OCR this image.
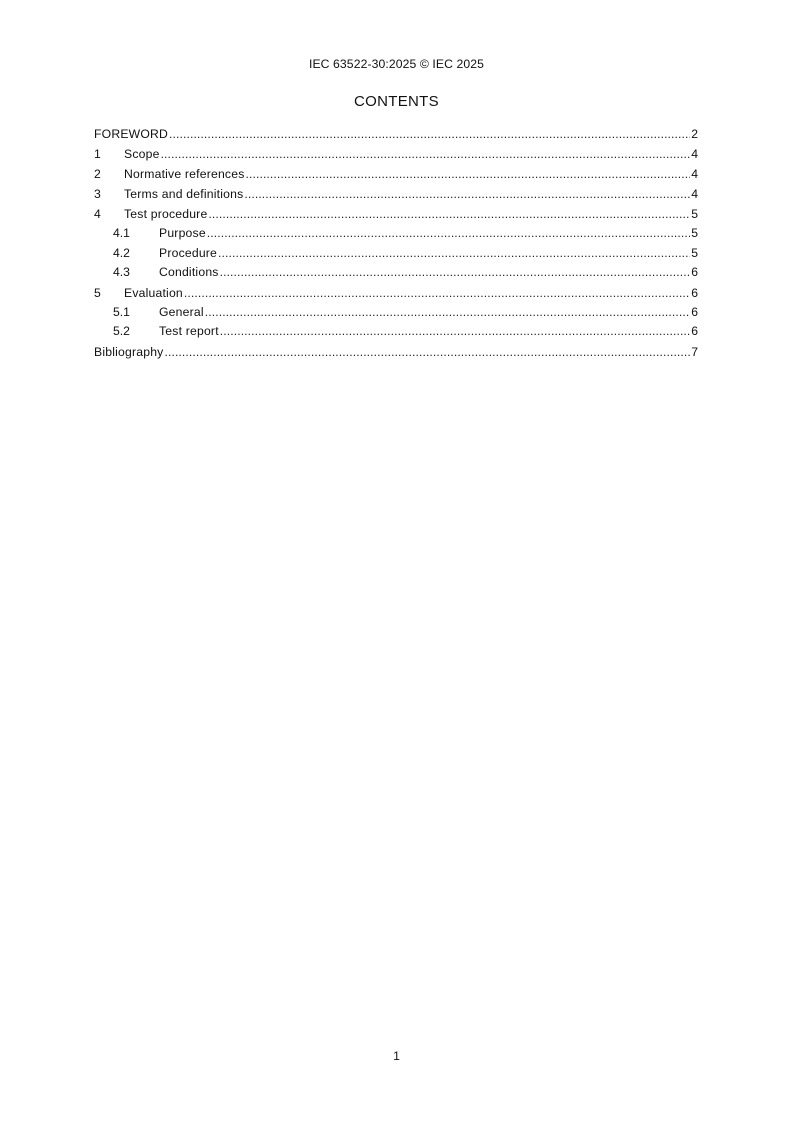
IEC 63522-30:2025 © IEC 2025
CONTENTS
FOREWORD .....	2
1	Scope .....	4
2	Normative references .....	4
3	Terms and definitions .....	4
4	Test procedure .....	5
4.1	Purpose .....	5
4.2	Procedure .....	5
4.3	Conditions .....	6
5	Evaluation .....	6
5.1	General .....	6
5.2	Test report .....	6
Bibliography .....	7
1
